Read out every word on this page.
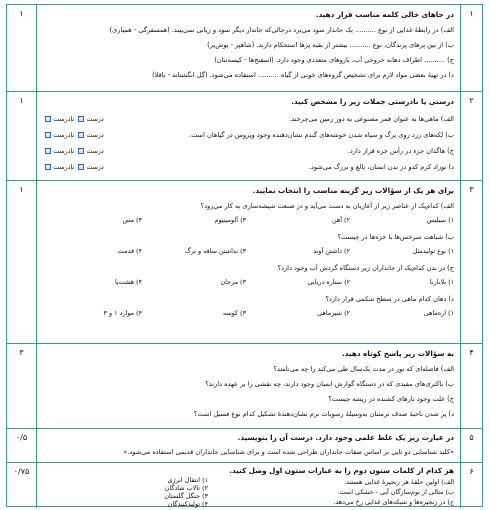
۱
در جاهای خالی کلمه مناسب قرار دهید.
الف) در رابطهٔ غذایی از نوع .......... یک جاندار سود می‌برد درحالی‌که جاندار دیگر سود و زیانی نمی‌بیند. (همسفرگی - همیاری)
ب) از بین پرهای پرندگان، نوع .......... بیشتر از بقیه پرها استحکام دارند. (شاهپر - پوش‌پر)
ج) .......... اطراف دهانه خروجی آب، بازوهای متعددی وجود دارد. (اسفنج‌ها - کیسه‌تنان)
د) در تهیهٔ بعضی مواد لازم برای تشخیص گروه‌های خونی از گیاه .......... استفاده می‌شود. (گل انگشتانه - باقلا)
۱
۲
درستی یا نادرستی جملات زیر را مشخص کنید.
الف) ماهی‌ها به عنوان قمر مصنوعی به دور زمین می‌چرخند.
درست نادرست
ب) لکه‌های زرد روی برگ و سیاه شدن خوشه‌های گندم نشان‌دهنده وجود ویروس در گیاهان است.
درست نادرست
ج) هاگدان جزء در رأس خزه قرار دارد.
درست نادرست
د) نوزاد کرم کدو در بدن انسان، بالغ و بزرگ می‌شود.
درست نادرست
۱
۳
برای هر یک از سؤالات زیر گزینه مناسب را انتخاب نمایید.
الف) کدام‌یک از عناصر زیر از آغازیان به دست می‌آید و در صنعت شیشه‌سازی به کار می‌رود؟
۱) سیلیس
۲) آهن
۳) آلومینیوم
۴) مس
ب) شباهت سرخس‌ها با خزه‌ها در چیست؟
۱) نوع تولیدمثل
۲) داشتن آوند
۳) نداشتن ساقه و برگ
۴) قدمت
ج) در بدن کدام‌یک از جانداران زیر دستگاه گردش آب وجود دارد؟
۱) بلانارنا
۲) ستاره دریایی
۳) مرجان
۴) هشت‌پا
د) دهان کدام ماهی در سطح شکمی قرار دارد؟
۱) اره‌ماهی
۲) شیرماهی
۳) کوسه
۴) موارد ۱ و ۳
۱
۴
به سؤالات زیر پاسخ کوتاه دهید.
الف) فاصله‌ای که نور در مدت یک‌سال طی می‌کند را چه می‌نامند؟
ب) باکتری‌های مفیدی که در دستگاه گوارش انسان وجود دارند، چه نقشی را بر عهده دارند؟
ج) علت وجود تارهای کشنده در ریشه چیست؟
د) پر شدن ناحیهٔ صدف نرمتنان به‌وسیلهٔ رسوبات نرم نشان‌دهندهٔ تشکیل کدام نوع فسیل است؟
۳
۵
در عبارت زیر یک غلط علمی وجود دارد. درست آن را بنویسید.
«کلید شناسایی دو تایی بر اساس صفات جانداران طراحی شده است و برای شناسایی جانداران قدیمی استفاده می‌شود.»
۰/۵
۶
هر کدام از کلمات ستون دوم را به عبارات ستون اول وصل کنید.
الف) اولین حلقهٔ هر زنجیرهٔ غذایی هستند.
ب) مثالی از بوم‌سازگان آبی - خشکی است.
ج) در زنجیره‌ها و شبکه‌های غذایی رخ می‌دهد.
۱) انتقال انرژی
۲) تالاب شادگان
۳) جنگل گلستان
۴) تولیدکنندگان
۰/۷۵
